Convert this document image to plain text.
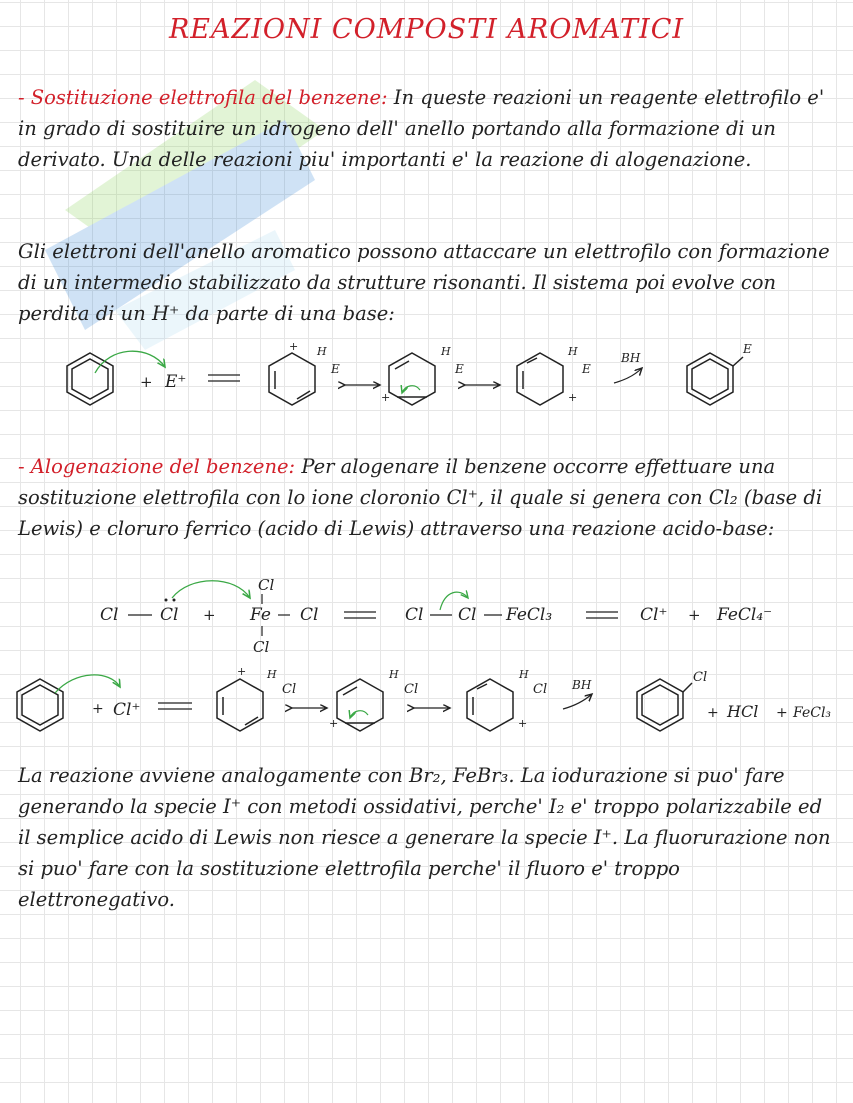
REAZIONI COMPOSTI AROMATICI

- Sostituzione elettrofila del benzene: In queste reazioni un reagente elettrofilo e' in grado di sostituire un idrogeno dell' anello portando alla formazione di un derivato. Una delle reazioni piu' importanti e' la reazione di alogenazione.

Gli elettroni dell'anello aromatico possono attaccare un elettrofilo con formazione di un intermedio stabilizzato da strutture risonanti. Il sistema poi evolve con perdita di un H⁺ da parte di una base:

+ E⁺
+ H
E
+
H
E
+
H
E
BH
E

- Alogenazione del benzene: Per alogenare il benzene occorre effettuare una sostituzione elettrofila con lo ione cloronio Cl⁺, il quale si genera con Cl₂ (base di Lewis) e cloruro ferrico (acido di Lewis) attraverso una reazione acido-base:

Cl Cl +
Cl
Fe Cl
Cl
Cl Cl FeCl₃	Cl⁺ + FeCl₄⁻
+ Cl⁺
+ H
Cl
+
H
Cl
+
H
Cl BH	Cl
+ HCl + FeCl₃

La reazione avviene analogamente con Br₂, FeBr₃. La iodurazione si puo' fare generando la specie I⁺ con metodi ossidativi, perche' I₂ e' troppo polarizzabile ed il semplice acido di Lewis non riesce a generare la specie I⁺. La fluorurazione non si puo' fare con la sostituzione elettrofila perche' il fluoro e' troppo elettronegativo.
